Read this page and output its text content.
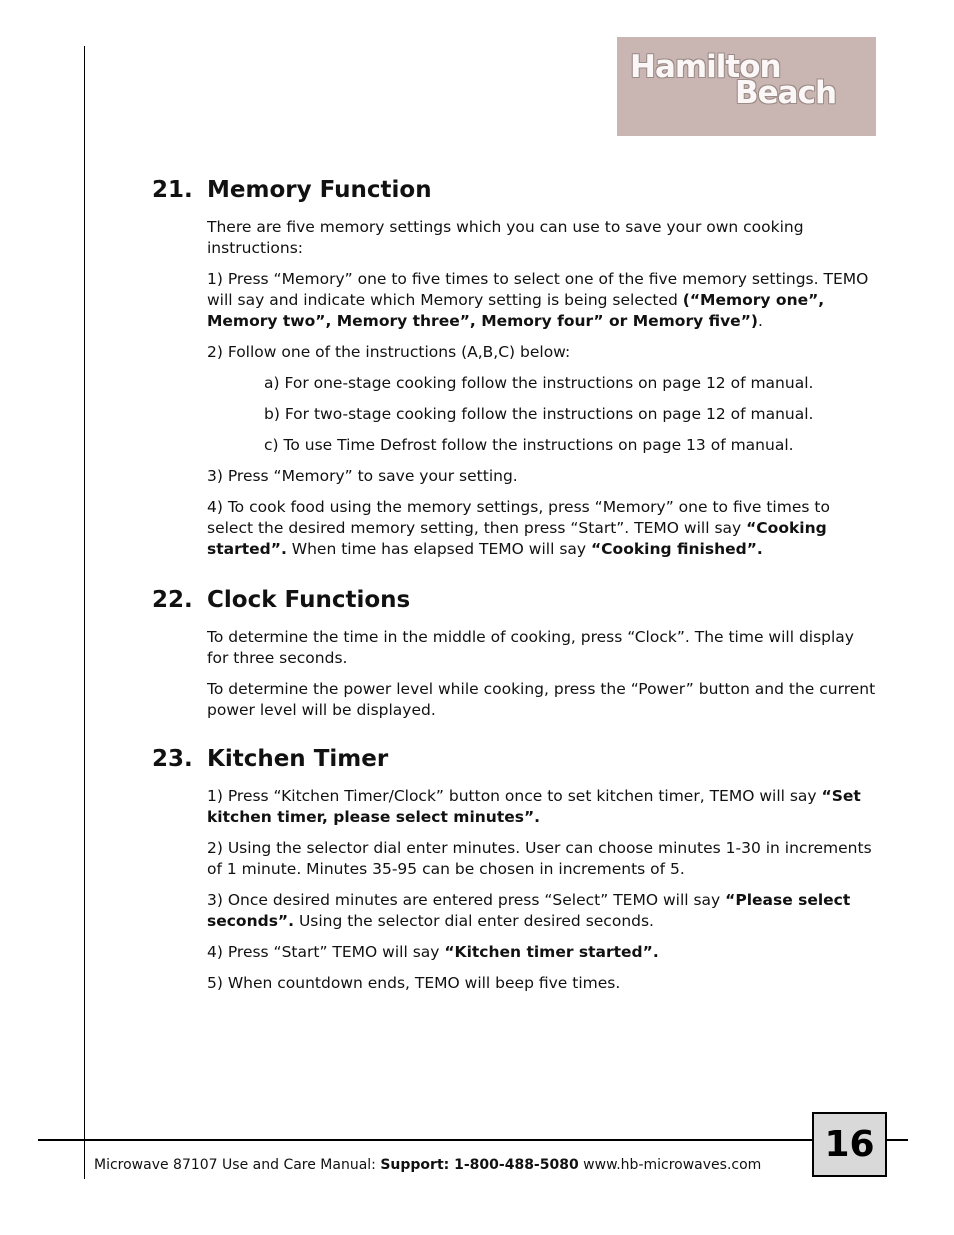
Hamilton
Beach
21. Memory Function
There are five memory settings which you can use to save your own cooking instructions:
1) Press “Memory” one to five times to select one of the five memory settings. TEMO will say and indicate which Memory setting is being selected (“Memory one”, Memory two”, Memory three”, Memory four” or Memory five”).
2) Follow one of the instructions (A,B,C) below:
a) For one-stage cooking follow the instructions on page 12 of manual.
b) For two-stage cooking follow the instructions on page 12 of manual.
c) To use Time Defrost follow the instructions on page 13 of manual.
3) Press “Memory” to save your setting.
4) To cook food using the memory settings, press “Memory” one to five times to select the desired memory setting, then press “Start”. TEMO will say “Cooking started”. When time has elapsed TEMO will say “Cooking finished”.
22. Clock Functions
To determine the time in the middle of cooking, press “Clock”. The time will display for three seconds.
To determine the power level while cooking, press the “Power” button and the current power level will be displayed.
23. Kitchen Timer
1) Press “Kitchen Timer/Clock” button once to set kitchen timer, TEMO will say “Set kitchen timer, please select minutes”.
2) Using the selector dial enter minutes. User can choose minutes 1-30 in increments of 1 minute. Minutes 35-95 can be chosen in increments of 5.
3) Once desired minutes are entered press “Select” TEMO will say “Please select seconds”. Using the selector dial enter desired seconds.
4) Press “Start” TEMO will say “Kitchen timer started”.
5) When countdown ends, TEMO will beep five times.
Microwave 87107 Use and Care Manual: Support: 1-800-488-5080 www.hb-microwaves.com	16
